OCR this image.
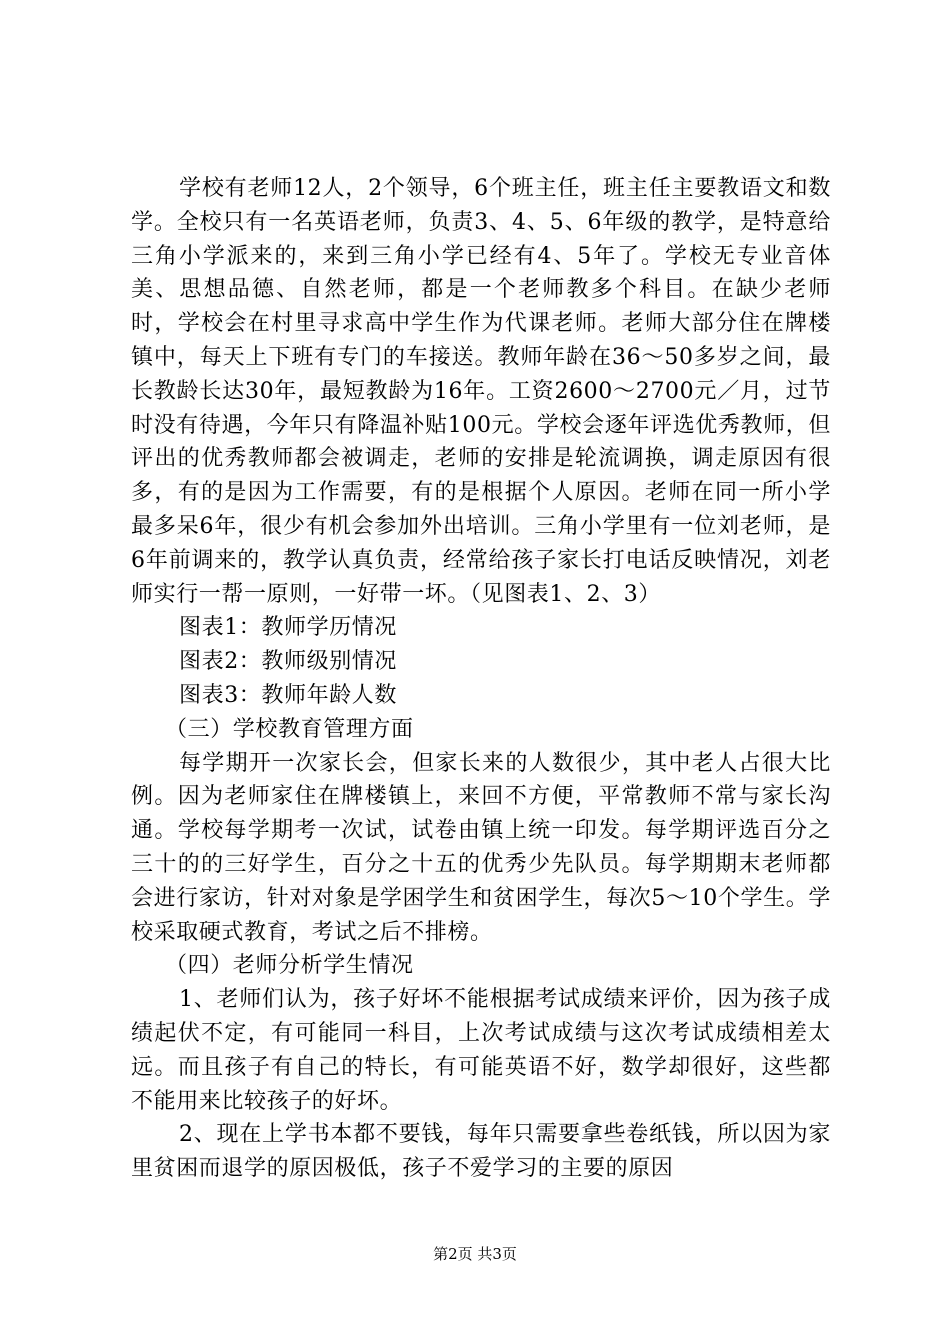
学校有老师12人，2个领导，6个班主任，班主任主要教语文和数学。全校只有一名英语老师，负责3、4、5、6年级的教学，是特意给三角小学派来的，来到三角小学已经有4、5年了。学校无专业音体美、思想品德、自然老师，都是一个老师教多个科目。在缺少老师时，学校会在村里寻求高中学生作为代课老师。老师大部分住在牌楼镇中，每天上下班有专门的车接送。教师年龄在36～50多岁之间，最长教龄长达30年，最短教龄为16年。工资2600～2700元／月，过节时没有待遇，今年只有降温补贴100元。学校会逐年评选优秀教师，但评出的优秀教师都会被调走，老师的安排是轮流调换，调走原因有很多，有的是因为工作需要，有的是根据个人原因。老师在同一所小学最多呆6年，很少有机会参加外出培训。三角小学里有一位刘老师，是6年前调来的，教学认真负责，经常给孩子家长打电话反映情况，刘老师实行一帮一原则，一好带一坏。（见图表1、2、3）

图表1：教师学历情况

图表2：教师级别情况

图表3：教师年龄人数

（三）学校教育管理方面

每学期开一次家长会，但家长来的人数很少，其中老人占很大比例。因为老师家住在牌楼镇上，来回不方便，平常教师不常与家长沟通。学校每学期考一次试，试卷由镇上统一印发。每学期评选百分之三十的的三好学生，百分之十五的优秀少先队员。每学期期末老师都会进行家访，针对对象是学困学生和贫困学生，每次5～10个学生。学校采取硬式教育，考试之后不排榜。

（四）老师分析学生情况

1、老师们认为，孩子好坏不能根据考试成绩来评价，因为孩子成绩起伏不定，有可能同一科目，上次考试成绩与这次考试成绩相差太远。而且孩子有自己的特长，有可能英语不好，数学却很好，这些都不能用来比较孩子的好坏。

2、现在上学书本都不要钱，每年只需要拿些卷纸钱，所以因为家里贫困而退学的原因极低，孩子不爱学习的主要的原因

第2页 共3页
